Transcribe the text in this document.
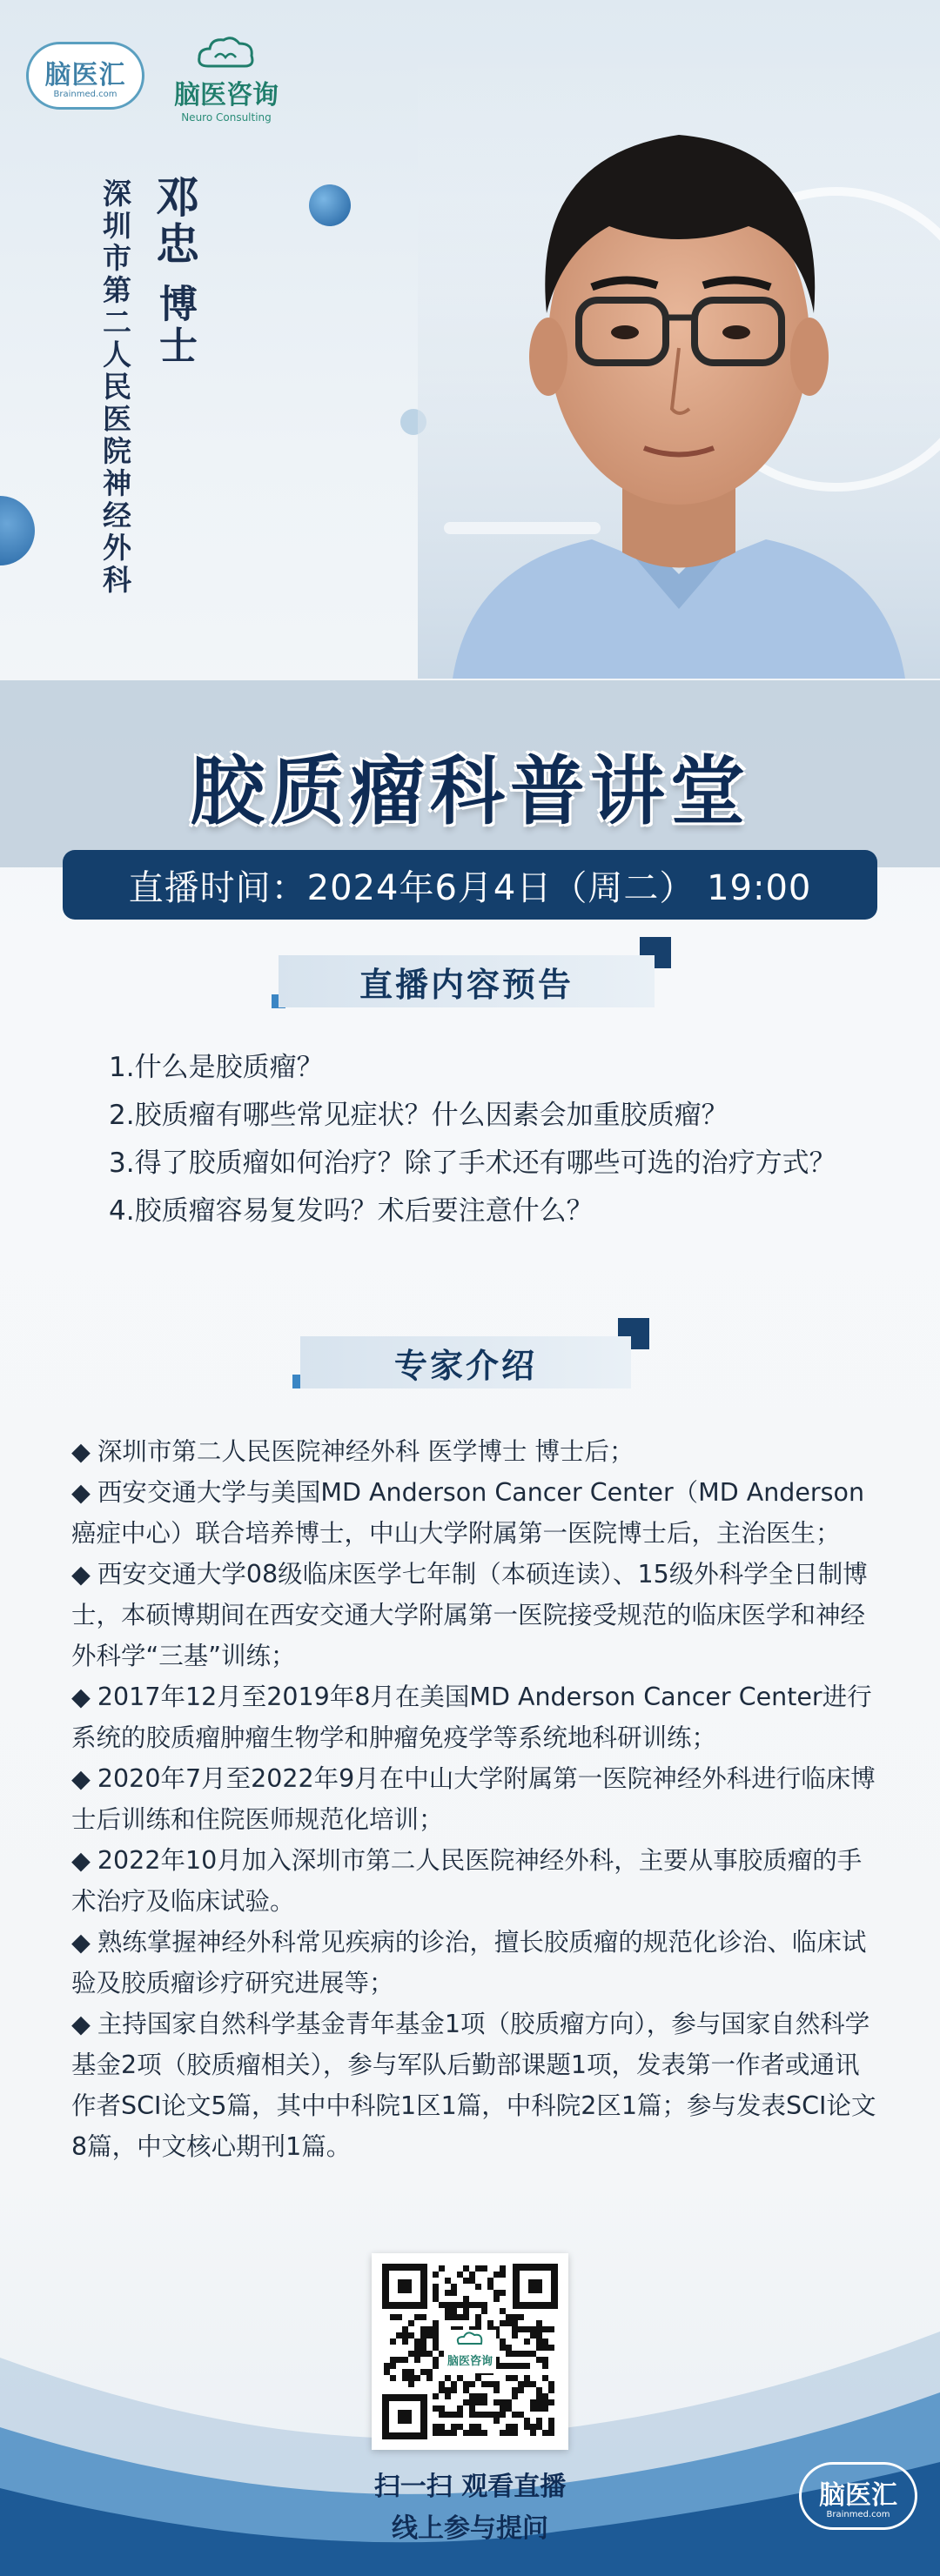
脑医汇
Brainmed.com 脑医咨询
Neuro Consulting
邓忠
博士
深圳市第二人民医院神经外科
胶质瘤科普讲堂
直播时间：2024年6月4日（周二） 19:00
直播内容预告
1.什么是胶质瘤？
2.胶质瘤有哪些常见症状？什么因素会加重胶质瘤？
3.得了胶质瘤如何治疗？除了手术还有哪些可选的治疗方式？
4.胶质瘤容易复发吗？术后要注意什么？
专家介绍

◆ 深圳市第二人民医院神经外科 医学博士 博士后；

◆ 西安交通大学与美国MD Anderson Cancer Center（MD Anderson癌症中心）联合培养博士，中山大学附属第一医院博士后，主治医生；

◆ 西安交通大学08级临床医学七年制（本硕连读）、15级外科学全日制博士，本硕博期间在西安交通大学附属第一医院接受规范的临床医学和神经外科学“三基”训练；

◆ 2017年12月至2019年8月在美国MD Anderson Cancer Center进行系统的胶质瘤肿瘤生物学和肿瘤免疫学等系统地科研训练；

◆ 2020年7月至2022年9月在中山大学附属第一医院神经外科进行临床博士后训练和住院医师规范化培训；

◆ 2022年10月加入深圳市第二人民医院神经外科，主要从事胶质瘤的手术治疗及临床试验。

◆ 熟练掌握神经外科常见疾病的诊治，擅长胶质瘤的规范化诊治、临床试验及胶质瘤诊疗研究进展等；

◆ 主持国家自然科学基金青年基金1项（胶质瘤方向），参与国家自然科学基金2项（胶质瘤相关），参与军队后勤部课题1项，发表第一作者或通讯作者SCI论文5篇，其中中科院1区1篇，中科院2区1篇；参与发表SCI论文8篇，中文核心期刊1篇。

脑医咨询
扫一扫 观看直播
线上参与提问
脑医汇
Brainmed.com
